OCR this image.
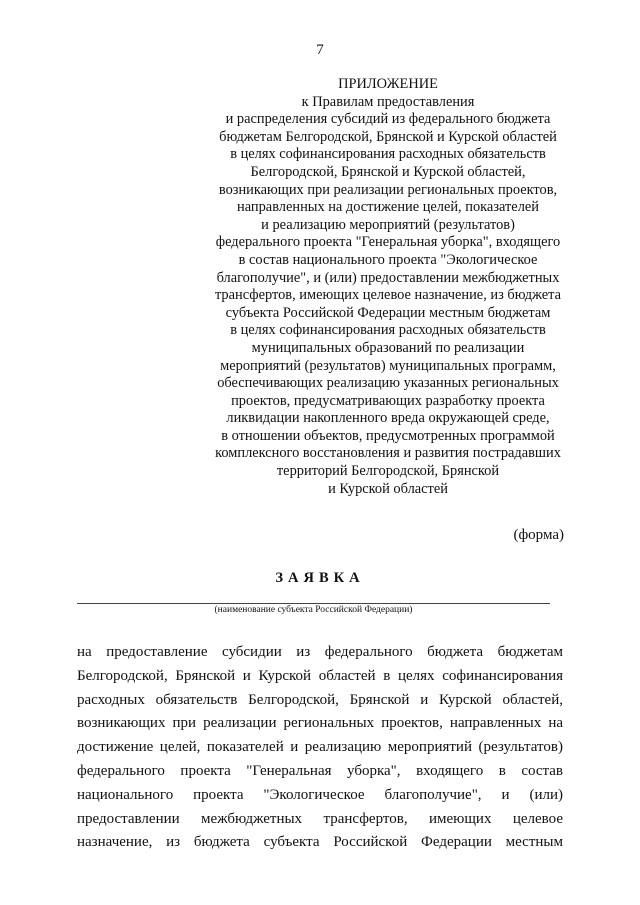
7
ПРИЛОЖЕНИЕ
к Правилам предоставления
и распределения субсидий из федерального бюджета
бюджетам Белгородской, Брянской и Курской областей
в целях софинансирования расходных обязательств
Белгородской, Брянской и Курской областей,
возникающих при реализации региональных проектов,
направленных на достижение целей, показателей
и реализацию мероприятий (результатов)
федерального проекта "Генеральная уборка", входящего
в состав национального проекта "Экологическое
благополучие", и (или) предоставлении межбюджетных
трансфертов, имеющих целевое назначение, из бюджета
субъекта Российской Федерации местным бюджетам
в целях софинансирования расходных обязательств
муниципальных образований по реализации
мероприятий (результатов) муниципальных программ,
обеспечивающих реализацию указанных региональных
проектов, предусматривающих разработку проекта
ликвидации накопленного вреда окружающей среде,
в отношении объектов, предусмотренных программой
комплексного восстановления и развития пострадавших
территорий Белгородской, Брянской
и Курской областей
(форма)
ЗАЯВКА
(наименование субъекта Российской Федерации)
на предоставление субсидии из федерального бюджета бюджетам
Белгородской, Брянской и Курской областей в целях софинансирования
расходных обязательств Белгородской, Брянской и Курской областей,
возникающих при реализации региональных проектов, направленных на
достижение целей, показателей и реализацию мероприятий (результатов)
федерального проекта "Генеральная уборка", входящего в состав
национального проекта "Экологическое благополучие", и (или)
предоставлении межбюджетных трансфертов, имеющих целевое
назначение, из бюджета субъекта Российской Федерации местным
